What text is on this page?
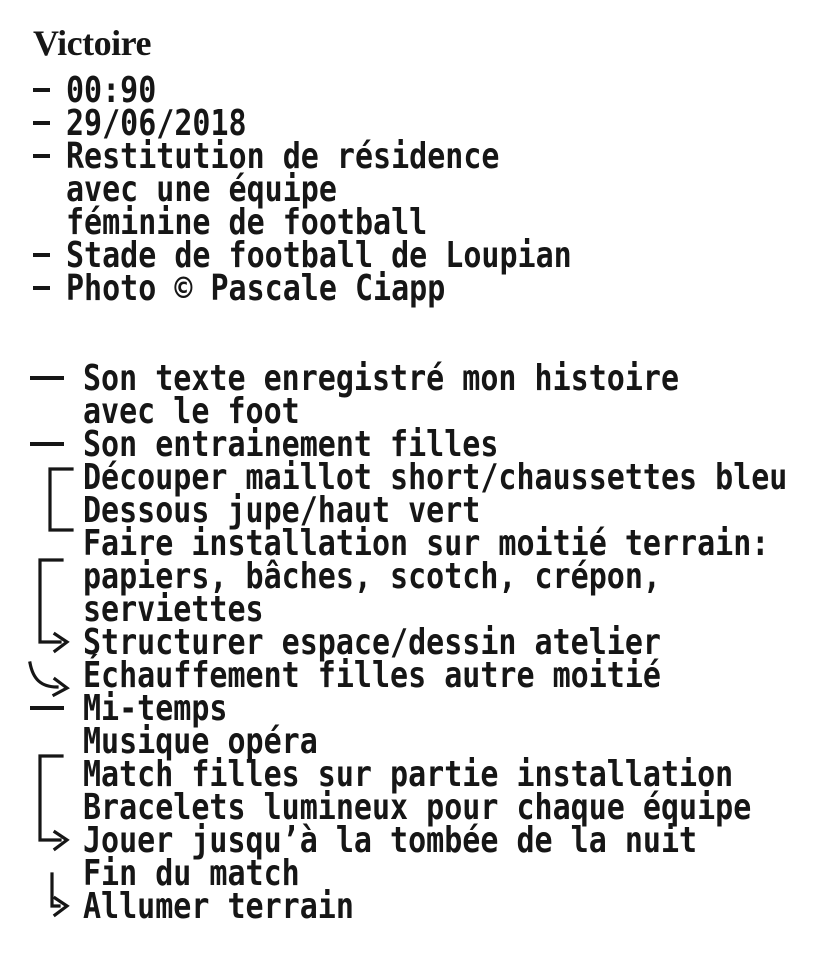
Victoire
00:90
29/06/2018
Restitution de résidence
avec une équipe
féminine de football
Stade de football de Loupian
Photo © Pascale Ciapp
Son texte enregistré mon histoire
avec le foot
Son entrainement filles
Découper maillot short/chaussettes bleu
Dessous jupe/haut vert
Faire installation sur moitié terrain:
papiers, bâches, scotch, crépon,
serviettes
Structurer espace/dessin atelier
Échauffement filles autre moitié
Mi-temps
Musique opéra
Match filles sur partie installation
Bracelets lumineux pour chaque équipe
Jouer jusqu’à la tombée de la nuit
Fin du match
Allumer terrain
